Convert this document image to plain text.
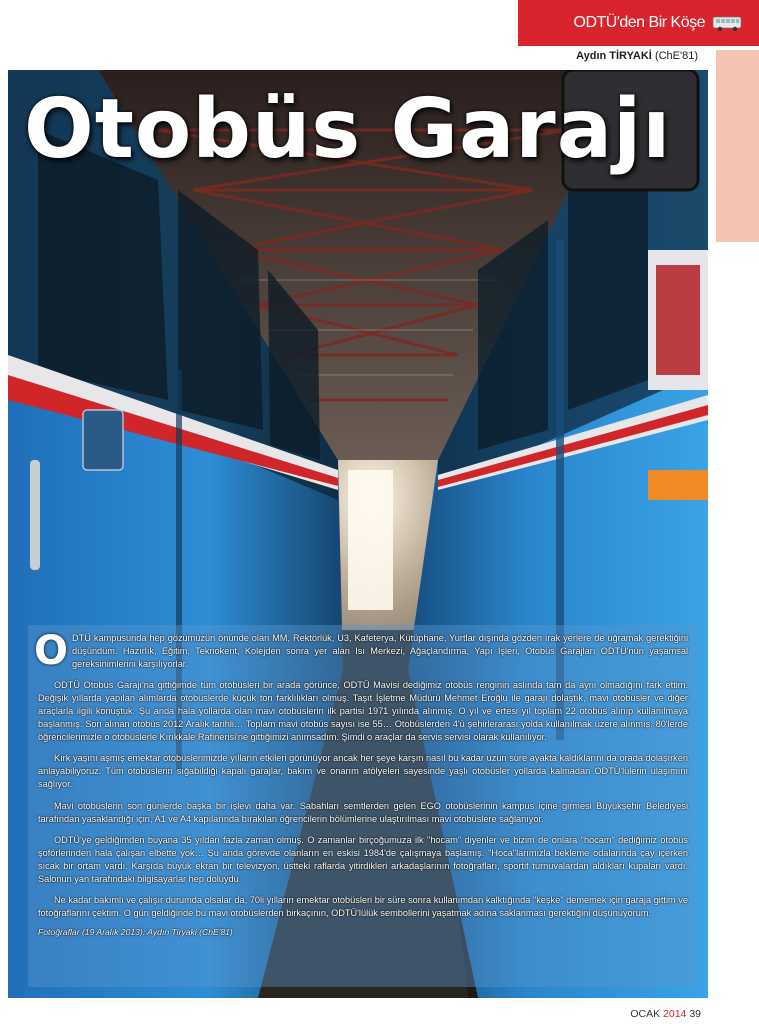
ODTÜ'den Bir Köşe
Aydın TİRYAKİ (ChE'81)
Otobüs Garajı

ODTÜ kampusunda hep gözümüzün önünde olan MM, Rektörlük, U3, Kafeterya, Kütüphane, Yurtlar dışında gözden ırak yerlere de uğramak gerektiğini düşündüm. Hazırlık, Eğitim, Teknokent, Kolejden sonra yer alan Isı Merkezi, Ağaçlandırma, Yapı İşleri, Otobüs Garajları ODTÜ'nün yaşamsal gereksinimlerini karşılıyorlar.

ODTÜ Otobüs Garajı'na gittiğimde tüm otobüsleri bir arada görünce, ODTÜ Mavisi dediğimiz otobüs renginin aslında tam da aynı olmadığını fark ettim. Değişik yıllarda yapılan alımlarda otobüslerde küçük ton farklılıkları olmuş. Taşıt İşletme Müdürü Mehmet Eroğlu ile garajı dolaştık, mavi otobüsler ve diğer araçlarla ilgili konuştuk. Şu anda hala yollarda olan mavi otobüslerin ilk partisi 1971 yılında alınmış. O yıl ve ertesi yıl toplam 22 otobüs alınıp kullanılmaya başlanmış. Son alınan otobüs 2012 Aralık tarihli… Toplam mavi otobüs sayısı ise 55… Otobüslerden 4'ü şehirlerarası yolda kullanılmak üzere alınmış. 80'lerde öğrencilerimizle o otobüslerle Kırıkkale Rafinerisi'ne gittiğimizi anımsadım. Şimdi o araçlar da servis servisi olarak kullanılıyor.

Kırk yaşını aşmış emektar otobüslerimizde yılların etkileri görünüyor ancak her şeye karşın nasıl bu kadar uzun süre ayakta kaldıklarını da orada dolaşırken anlayabiliyoruz. Tüm otobüslerin sığabildiği kapalı garajlar, bakım ve onarım atölyeleri sayesinde yaşlı otobüsler yollarda kalmadan ODTÜ'lülerin ulaşımını sağlıyor.

Mavi otobüslerin son günlerde başka bir işlevi daha var. Sabahları semtlerden gelen EGO otobüslerinin kampus içine girmesi Büyükşehir Belediyesi tarafından yasaklandığı için, A1 ve A4 kapılarında bırakılan öğrencilerin bölümlerine ulaştırılması mavi otobüslere sağlanıyor.

ODTÜ'ye geldiğimden buyana 35 yıldan fazla zaman olmuş. O zamanlar birçoğumuza ilk "hocam" diyenler ve bizim de onlara "hocam" dediğimiz otobüs şoförlerinden hala çalışan elbette yok… Şu anda görevde olanların en eskisi 1984'de çalışmaya başlamış. "Hoca"larımızla bekleme odalarında çay içerken sıcak bir ortam vardı. Karşıda büyük ekran bir televizyon, üstteki raflarda yitirdikleri arkadaşlarının fotoğrafları, sportif turnuvalardan aldıkları kupaları vardı. Salonun yan tarafındaki bilgisayarlar hep doluydu.

Ne kadar bakımlı ve çalışır durumda olsalar da, 70li yılların emektar otobüsleri bir süre sonra kullanımdan kalktığında "keşke" dememek için garaja gittim ve fotoğraflarını çektim. O gün geldiğinde bu mavi otobüslerden birkaçının, ODTÜ'lülük sembollerini yaşatmak adına saklanması gerektiğini düşünüyorum.

Fotoğraflar (19 Aralık 2013): Aydın Tiryaki (ChE'81)
OCAK 2014 39
